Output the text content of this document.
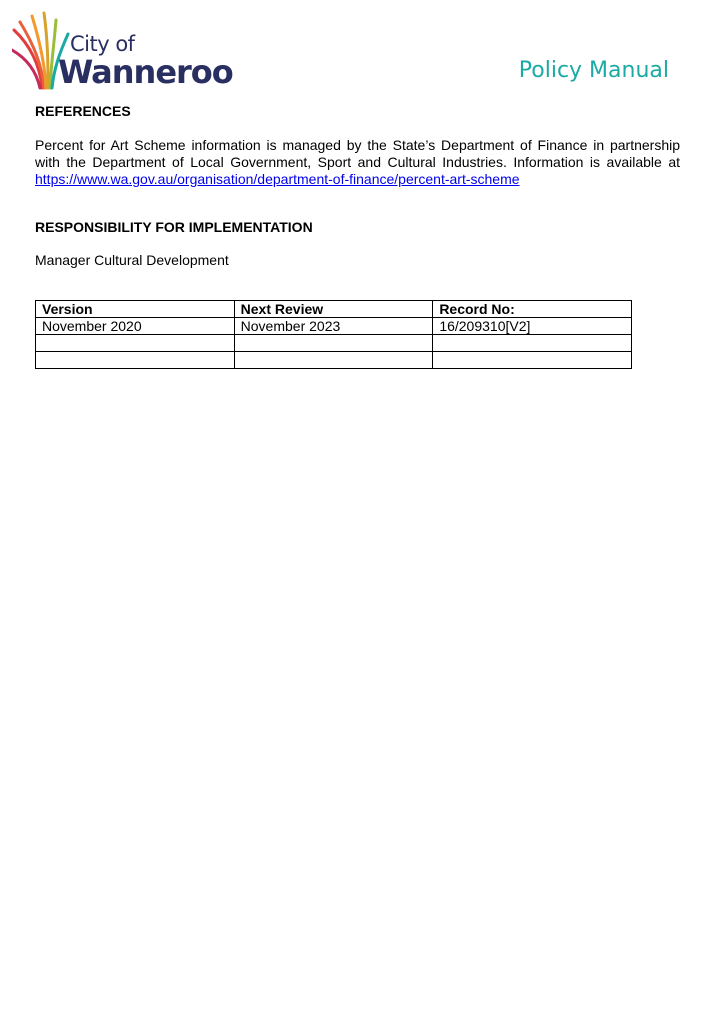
City of
Wanneroo	Policy Manual
REFERENCES

Percent for Art Scheme information is managed by the State’s Department of Finance in partnership with the Department of Local Government, Sport and Cultural Industries. Information is available at https://www.wa.gov.au/organisation/department-of-finance/percent-art-scheme

RESPONSIBILITY FOR IMPLEMENTATION

Manager Cultural Development

Version	Next Review	Record No:
November 2020	November 2023	16/209310[V2]
